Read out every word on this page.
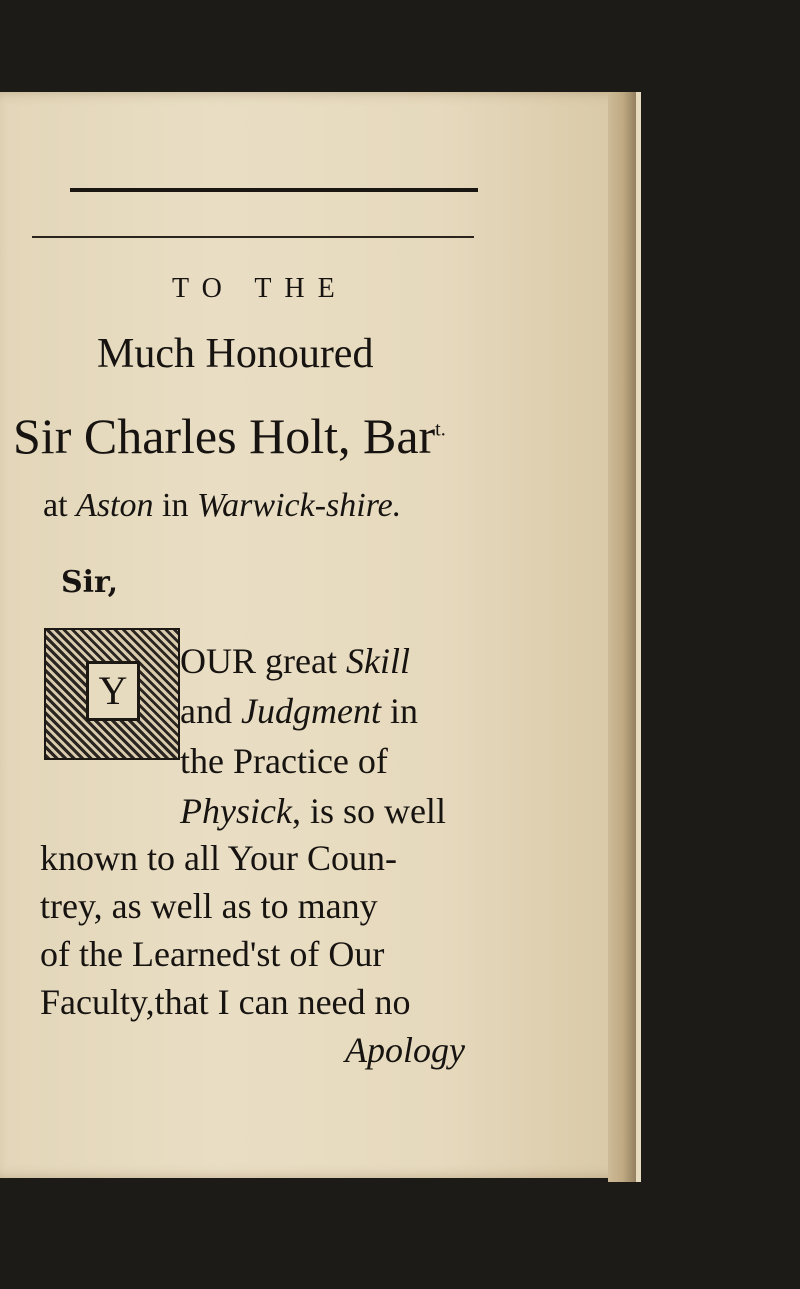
TO THE
Much Honoured
Sir Charles Holt, Bar$^{t.}$
at Aston in Warwick-shire.
Sir,
Y
OUR great Skill
and Judgment in
the Practice of
Physick, is so well
known to all Your Coun-
trey, as well as to many
of the Learned'st of Our
Faculty,that I can need no
Apology
